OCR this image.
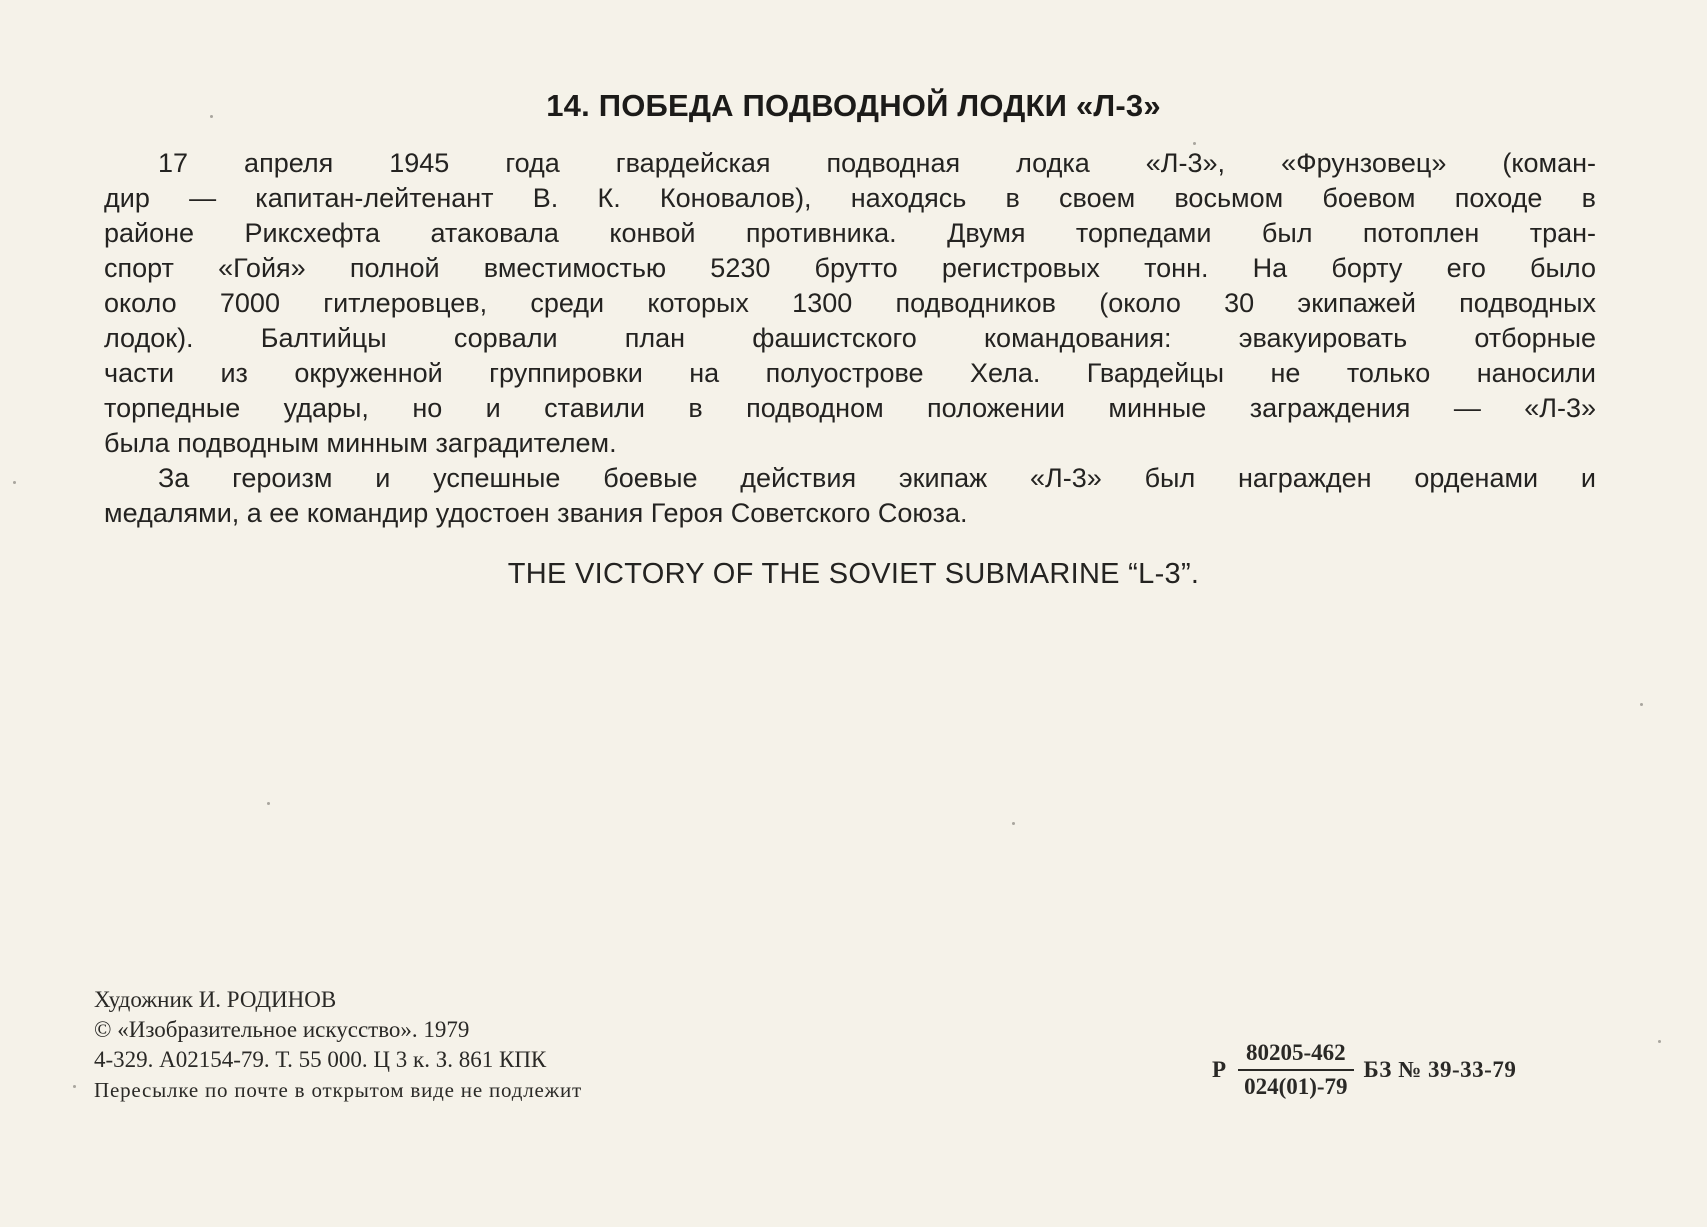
14. ПОБЕДА ПОДВОДНОЙ ЛОДКИ «Л-3»
17 апреля 1945 года гвардейская подводная лодка «Л-3», «Фрунзовец» (коман-
дир — капитан-лейтенант В. К. Коновалов), находясь в своем восьмом боевом походе в
районе Риксхефта атаковала конвой противника. Двумя торпедами был потоплен тран-
спорт «Гойя» полной вместимостью 5230 брутто регистровых тонн. На борту его было
около 7000 гитлеровцев, среди которых 1300 подводников (около 30 экипажей подводных
лодок). Балтийцы сорвали план фашистского командования: эвакуировать отборные
части из окруженной группировки на полуострове Хела. Гвардейцы не только наносили
торпедные удары, но и ставили в подводном положении минные заграждения — «Л-3»
была подводным минным заградителем.
За героизм и успешные боевые действия экипаж «Л-3» был награжден орденами и
медалями, а ее командир удостоен звания Героя Советского Союза.
THE VICTORY OF THE SOVIET SUBMARINE “L-3”.
Художник И. РОДИНОВ
© «Изобразительное искусство». 1979
4-329. А02154-79. Т. 55 000. Ц 3 к. З. 861 КПК
Пересылке по почте в открытом виде не подлежит
Р $\frac{80205-462}{024(01)-79}$ БЗ № 39-33-79
